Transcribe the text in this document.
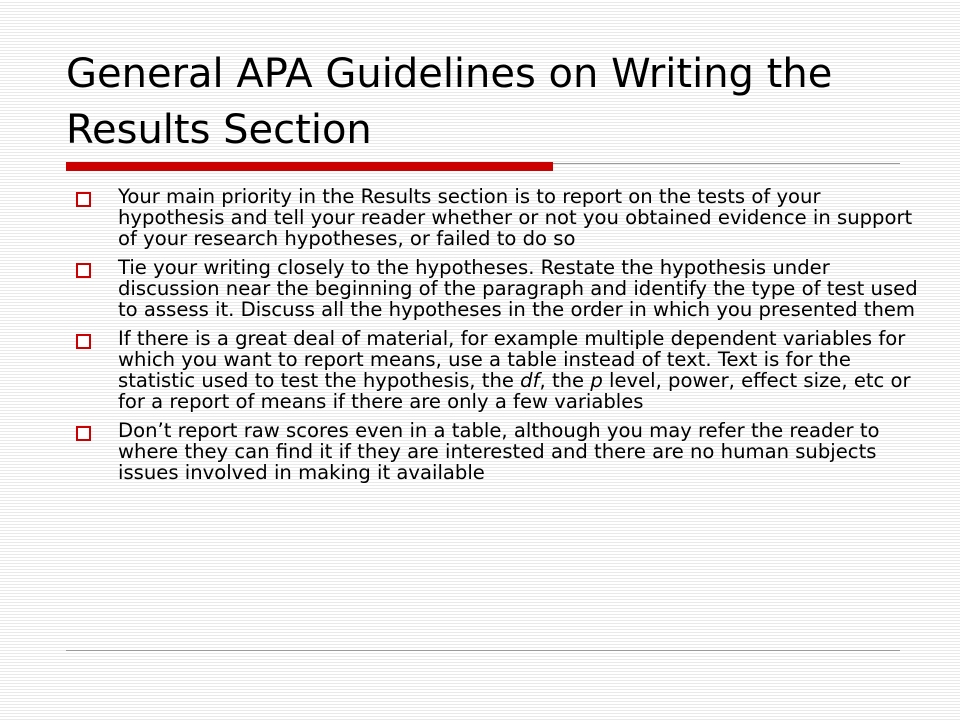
General APA Guidelines on Writing the Results Section
Your main priority in the Results section is to report on the tests of your hypothesis and tell your reader whether or not you obtained evidence in support of your research hypotheses, or failed to do so
Tie your writing closely to the hypotheses. Restate the hypothesis under discussion near the beginning of the paragraph and identify the type of test used to assess it. Discuss all the hypotheses in the order in which you presented them
If there is a great deal of material, for example multiple dependent variables for which you want to report means, use a table instead of text. Text is for the statistic used to test the hypothesis, the df, the p level, power, effect size, etc or for a report of means if there are only a few variables
Don’t report raw scores even in a table, although you may refer the reader to where they can find it if they are interested and there are no human subjects issues involved in making it available
